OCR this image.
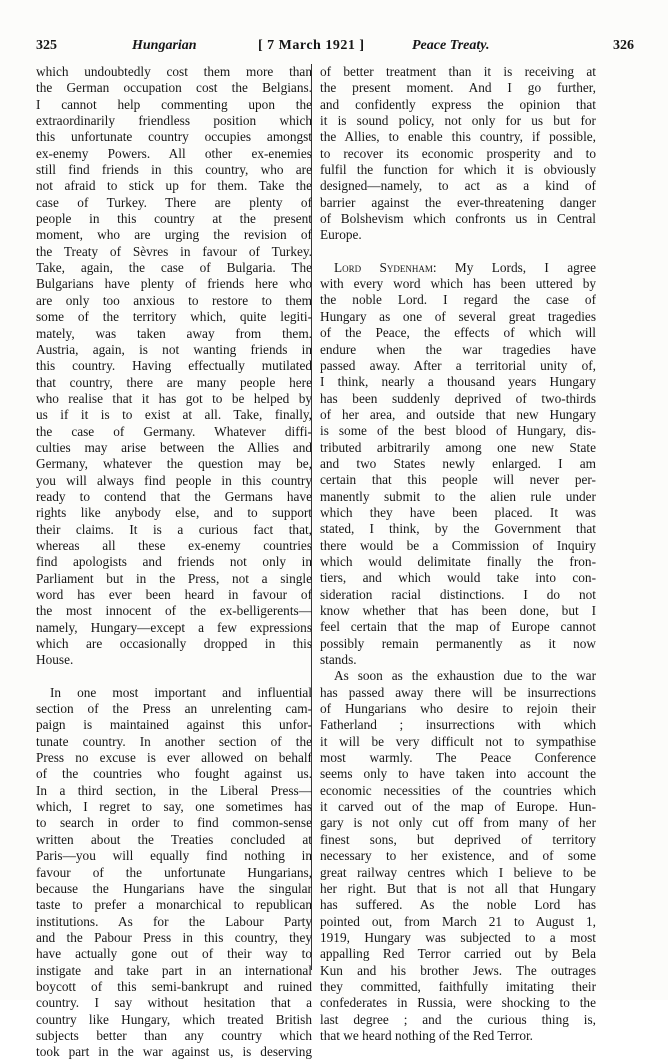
325	Hungarian	[ 7 March 1921 ]	Peace Treaty.	326
which undoubtedly cost them more than
the German occupation cost the Belgians.
I cannot help commenting upon the
extraordinarily friendless position which
this unfortunate country occupies amongst
ex-enemy Powers. All other ex-enemies
still find friends in this country, who are
not afraid to stick up for them. Take the
case of Turkey. There are plenty of
people in this country at the present
moment, who are urging the revision of
the Treaty of Sèvres in favour of Turkey.
Take, again, the case of Bulgaria. The
Bulgarians have plenty of friends here who
are only too anxious to restore to them
some of the territory which, quite legiti-
mately, was taken away from them.
Austria, again, is not wanting friends in
this country. Having effectually mutilated
that country, there are many people here
who realise that it has got to be helped by
us if it is to exist at all. Take, finally,
the case of Germany. Whatever diffi-
culties may arise between the Allies and
Germany, whatever the question may be,
you will always find people in this country
ready to contend that the Germans have
rights like anybody else, and to support
their claims. It is a curious fact that,
whereas all these ex-enemy countries
find apologists and friends not only in
Parliament but in the Press, not a single
word has ever been heard in favour of
the most innocent of the ex-belligerents—
namely, Hungary—except a few expressions
which are occasionally dropped in this
House.
In one most important and influential
section of the Press an unrelenting cam-
paign is maintained against this unfor-
tunate country. In another section of the
Press no excuse is ever allowed on behalf
of the countries who fought against us.
In a third section, in the Liberal Press—
which, I regret to say, one sometimes has
to search in order to find common-sense
written about the Treaties concluded at
Paris—you will equally find nothing in
favour of the unfortunate Hungarians,
because the Hungarians have the singular
taste to prefer a monarchical to republican
institutions. As for the Labour Party
and the Pabour Press in this country, they
have actually gone out of their way to
instigate and take part in an international
boycott of this semi-bankrupt and ruined
country. I say without hesitation that a
country like Hungary, which treated British
subjects better than any country which
took part in the war against us, is deserving
of better treatment than it is receiving at
the present moment. And I go further,
and confidently express the opinion that
it is sound policy, not only for us but for
the Allies, to enable this country, if possible,
to recover its economic prosperity and to
fulfil the function for which it is obviously
designed—namely, to act as a kind of
barrier against the ever-threatening danger
of Bolshevism which confronts us in Central
Europe.
Lord Sydenham: My Lords, I agree
with every word which has been uttered by
the noble Lord. I regard the case of
Hungary as one of several great tragedies
of the Peace, the effects of which will
endure when the war tragedies have
passed away. After a territorial unity of,
I think, nearly a thousand years Hungary
has been suddenly deprived of two-thirds
of her area, and outside that new Hungary
is some of the best blood of Hungary, dis-
tributed arbitrarily among one new State
and two States newly enlarged. I am
certain that this people will never per-
manently submit to the alien rule under
which they have been placed. It was
stated, I think, by the Government that
there would be a Commission of Inquiry
which would delimitate finally the fron-
tiers, and which would take into con-
sideration racial distinctions. I do not
know whether that has been done, but I
feel certain that the map of Europe cannot
possibly remain permanently as it now
stands.
As soon as the exhaustion due to the war
has passed away there will be insurrections
of Hungarians who desire to rejoin their
Fatherland ; insurrections with which
it will be very difficult not to sympathise
most warmly. The Peace Conference
seems only to have taken into account the
economic necessities of the countries which
it carved out of the map of Europe. Hun-
gary is not only cut off from many of her
finest sons, but deprived of territory
necessary to her existence, and of some
great railway centres which I believe to be
her right. But that is not all that Hungary
has suffered. As the noble Lord has
pointed out, from March 21 to August 1,
1919, Hungary was subjected to a most
appalling Red Terror carried out by Bela
Kun and his brother Jews. The outrages
they committed, faithfully imitating their
confederates in Russia, were shocking to the
last degree ; and the curious thing is,
that we heard nothing of the Red Terror.
